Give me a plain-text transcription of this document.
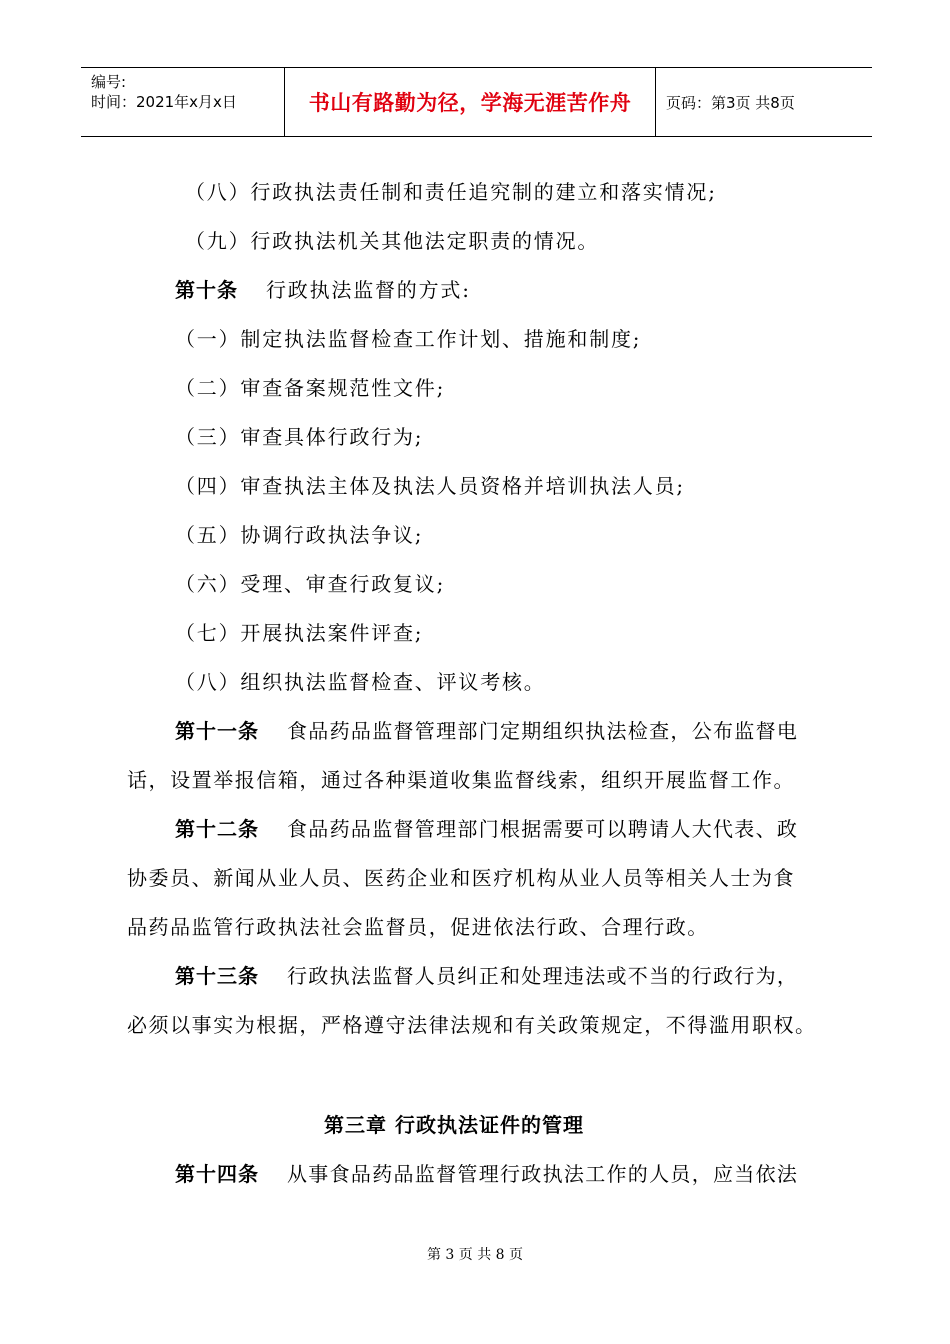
编号:
时间：2021年x月x日	书山有路勤为径，学海无涯苦作舟	页码：第3页 共8页
（八）行政执法责任制和责任追究制的建立和落实情况;
（九）行政执法机关其他法定职责的情况。
第十条 行政执法监督的方式:
（一）制定执法监督检查工作计划、措施和制度;
（二）审查备案规范性文件;
（三）审查具体行政行为;
（四）审查执法主体及执法人员资格并培训执法人员;
（五）协调行政执法争议;
（六）受理、审查行政复议;
（七）开展执法案件评查;
（八）组织执法监督检查、评议考核。
第十一条 食品药品监督管理部门定期组织执法检查，公布监督电
话，设置举报信箱，通过各种渠道收集监督线索，组织开展监督工作。
第十二条 食品药品监督管理部门根据需要可以聘请人大代表、政
协委员、新闻从业人员、医药企业和医疗机构从业人员等相关人士为食
品药品监管行政执法社会监督员，促进依法行政、合理行政。
第十三条 行政执法监督人员纠正和处理违法或不当的行政行为，
必须以事实为根据，严格遵守法律法规和有关政策规定，不得滥用职权。
第三章 行政执法证件的管理
第十四条 从事食品药品监督管理行政执法工作的人员，应当依法
第 3 页 共 8 页
